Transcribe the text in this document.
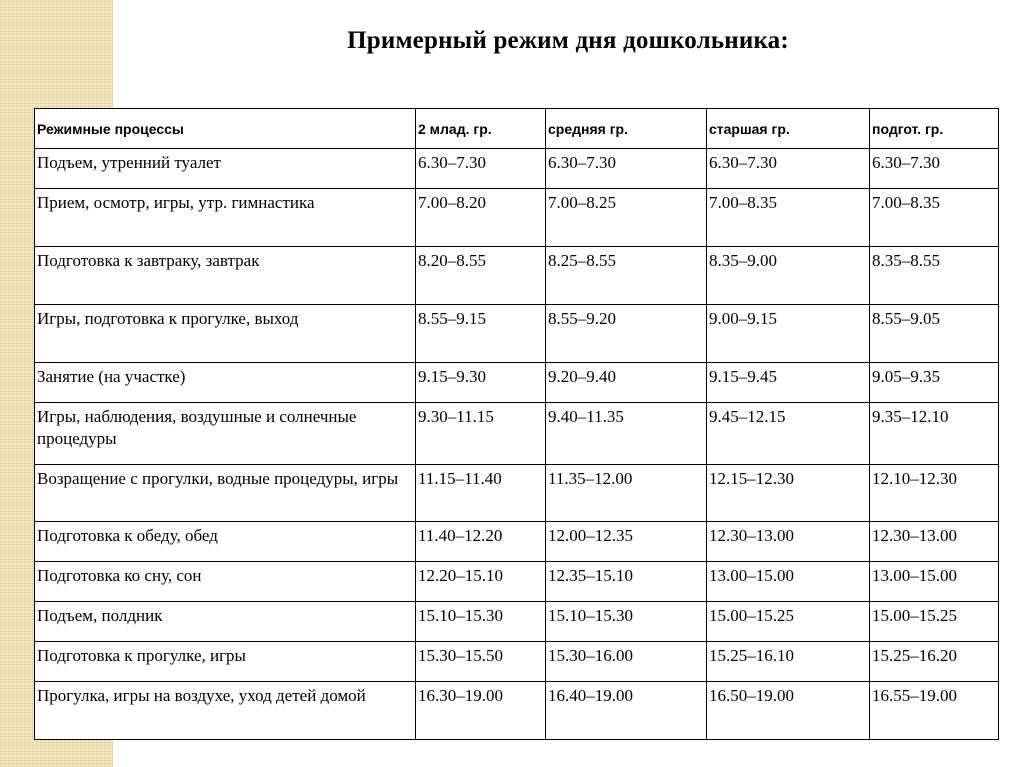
Примерный режим дня дошкольника:
Режимные процессы	2 млад. гр.	средняя гр.	старшая гр.	подгот. гр.
Подъем, утренний туалет	6.30–7.30	6.30–7.30	6.30–7.30	6.30–7.30
Прием, осмотр, игры, утр. гимнастика	7.00–8.20	7.00–8.25	7.00–8.35	7.00–8.35
Подготовка к завтраку, завтрак	8.20–8.55	8.25–8.55	8.35–9.00	8.35–8.55
Игры, подготовка к прогулке, выход	8.55–9.15	8.55–9.20	9.00–9.15	8.55–9.05
Занятие (на участке)	9.15–9.30	9.20–9.40	9.15–9.45	9.05–9.35
Игры, наблюдения, воздушные и солнечные процедуры	9.30–11.15	9.40–11.35	9.45–12.15	9.35–12.10
Возращение с прогулки, водные процедуры, игры	11.15–11.40	11.35–12.00	12.15–12.30	12.10–12.30
Подготовка к обеду, обед	11.40–12.20	12.00–12.35	12.30–13.00	12.30–13.00
Подготовка ко сну, сон	12.20–15.10	12.35–15.10	13.00–15.00	13.00–15.00
Подъем, полдник	15.10–15.30	15.10–15.30	15.00–15.25	15.00–15.25
Подготовка к прогулке, игры	15.30–15.50	15.30–16.00	15.25–16.10	15.25–16.20
Прогулка, игры на воздухе, уход детей домой	16.30–19.00	16.40–19.00	16.50–19.00	16.55–19.00
